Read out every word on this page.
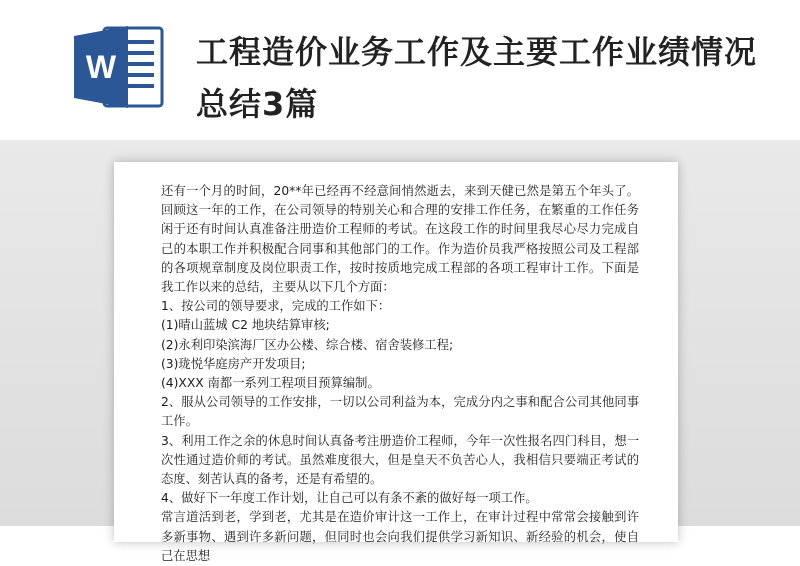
W 工程造价业务工作及主要工作业绩情况总结3篇

还有一个月的时间，20**年已经再不经意间悄然逝去，来到天健已然是第五个年头了。回顾这一年的工作，在公司领导的特别关心和合理的安排工作任务，在繁重的工作任务闲于还有时间认真准备注册造价工程师的考试。在这段工作的时间里我尽心尽力完成自己的本职工作并积极配合同事和其他部门的工作。作为造价员我严格按照公司及工程部的各项规章制度及岗位职责工作，按时按质地完成工程部的各项工程审计工作。下面是我工作以来的总结，主要从以下几个方面：

1、按公司的领导要求，完成的工作如下：

(1)晴山蓝城 C2 地块结算审核;

(2)永利印染滨海厂区办公楼、综合楼、宿舍装修工程;

(3)珑悦华庭房产开发项目;

(4)XXX 南都一系列工程项目预算编制。

2、服从公司领导的工作安排，一切以公司利益为本，完成分内之事和配合公司其他同事工作。

3、利用工作之余的休息时间认真备考注册造价工程师，今年一次性报名四门科目，想一次性通过造价师的考试。虽然难度很大，但是皇天不负苦心人，我相信只要端正考试的态度、刻苦认真的备考，还是有希望的。

4、做好下一年度工作计划，让自己可以有条不紊的做好每一项工作。

常言道活到老，学到老，尤其是在造价审计这一工作上，在审计过程中常常会接触到许多新事物、遇到许多新问题，但同时也会向我们提供学习新知识、新经验的机会，使自己在思想
